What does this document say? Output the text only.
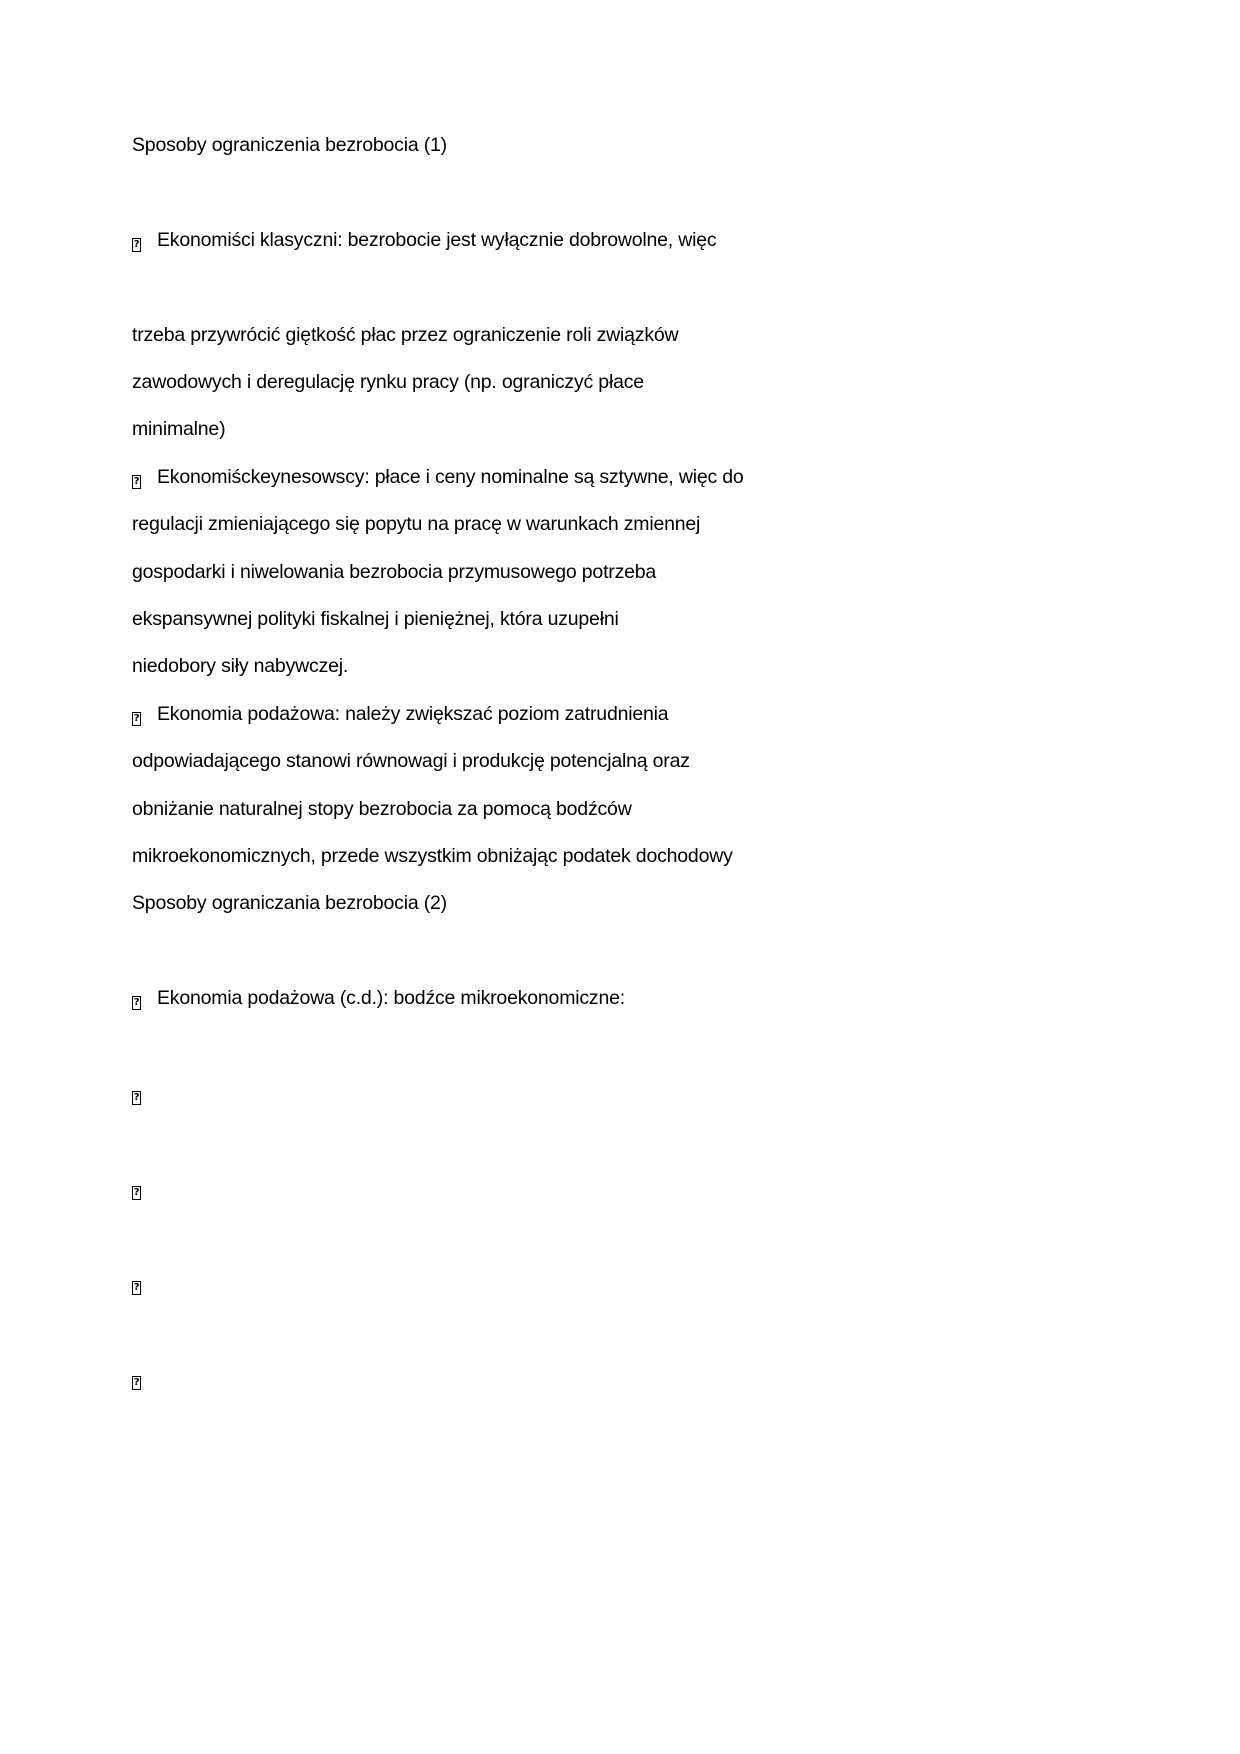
Sposoby ograniczenia bezrobocia (1)
? Ekonomiści klasyczni: bezrobocie jest wyłącznie dobrowolne, więc
trzeba przywrócić giętkość płac przez ograniczenie roli związków
zawodowych i deregulację rynku pracy (np. ograniczyć płace
minimalne)
? Ekonomiśckeynesowscy: płace i ceny nominalne są sztywne, więc do
regulacji zmieniającego się popytu na pracę w warunkach zmiennej
gospodarki i niwelowania bezrobocia przymusowego potrzeba
ekspansywnej polityki fiskalnej i pieniężnej, która uzupełni
niedobory siły nabywczej.
? Ekonomia podażowa: należy zwiększać poziom zatrudnienia
odpowiadającego stanowi równowagi i produkcję potencjalną oraz
obniżanie naturalnej stopy bezrobocia za pomocą bodźców
mikroekonomicznych, przede wszystkim obniżając podatek dochodowy
Sposoby ograniczania bezrobocia (2)
? Ekonomia podażowa (c.d.): bodźce mikroekonomiczne:
?
?
?
?
